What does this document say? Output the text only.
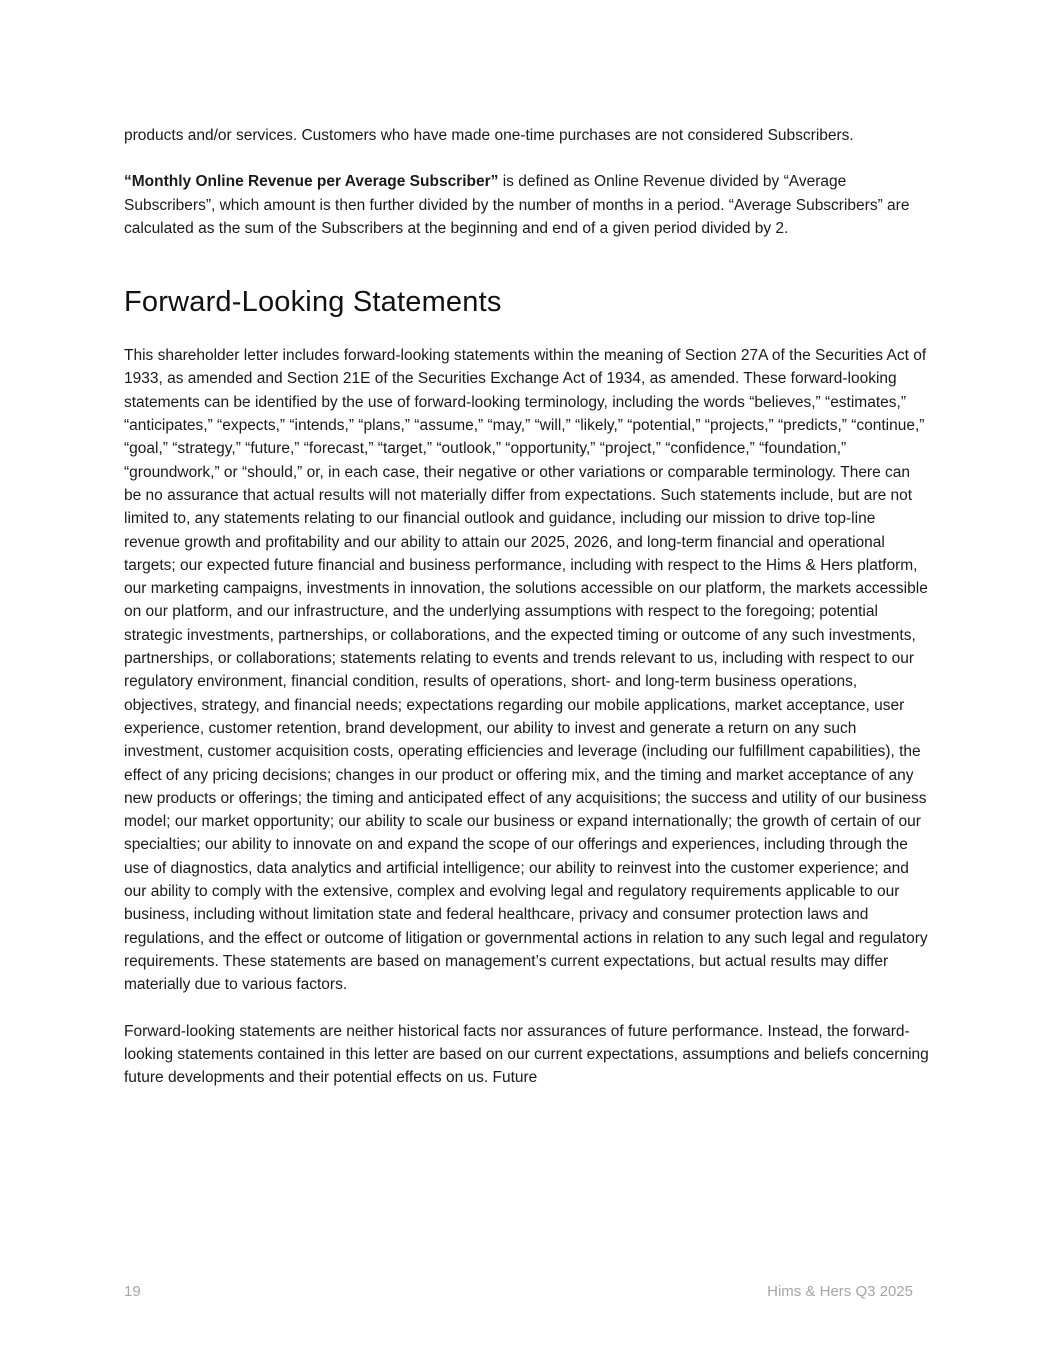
products and/or services. Customers who have made one-time purchases are not considered Subscribers.

“Monthly Online Revenue per Average Subscriber” is defined as Online Revenue divided by “Average Subscribers”, which amount is then further divided by the number of months in a period. “Average Subscribers” are calculated as the sum of the Subscribers at the beginning and end of a given period divided by 2.

Forward-Looking Statements

This shareholder letter includes forward-looking statements within the meaning of Section 27A of the Securities Act of 1933, as amended and Section 21E of the Securities Exchange Act of 1934, as amended. These forward-looking statements can be identified by the use of forward-looking terminology, including the words “believes,” “estimates,” “anticipates,” “expects,” “intends,” “plans,” “assume,” “may,” “will,” “likely,” “potential,” “projects,” “predicts,” “continue,” “goal,” “strategy,” “future,” “forecast,” “target,” “outlook,” “opportunity,” “project,” “confidence,” “foundation,” “groundwork,” or “should,” or, in each case, their negative or other variations or comparable terminology. There can be no assurance that actual results will not materially differ from expectations. Such statements include, but are not limited to, any statements relating to our financial outlook and guidance, including our mission to drive top-line revenue growth and profitability and our ability to attain our 2025, 2026, and long-term financial and operational targets; our expected future financial and business performance, including with respect to the Hims & Hers platform, our marketing campaigns, investments in innovation, the solutions accessible on our platform, the markets accessible on our platform, and our infrastructure, and the underlying assumptions with respect to the foregoing; potential strategic investments, partnerships, or collaborations, and the expected timing or outcome of any such investments, partnerships, or collaborations; statements relating to events and trends relevant to us, including with respect to our regulatory environment, financial condition, results of operations, short- and long-term business operations, objectives, strategy, and financial needs; expectations regarding our mobile applications, market acceptance, user experience, customer retention, brand development, our ability to invest and generate a return on any such investment, customer acquisition costs, operating efficiencies and leverage (including our fulfillment capabilities), the effect of any pricing decisions; changes in our product or offering mix, and the timing and market acceptance of any new products or offerings; the timing and anticipated effect of any acquisitions; the success and utility of our business model; our market opportunity; our ability to scale our business or expand internationally; the growth of certain of our specialties; our ability to innovate on and expand the scope of our offerings and experiences, including through the use of diagnostics, data analytics and artificial intelligence; our ability to reinvest into the customer experience; and our ability to comply with the extensive, complex and evolving legal and regulatory requirements applicable to our business, including without limitation state and federal healthcare, privacy and consumer protection laws and regulations, and the effect or outcome of litigation or governmental actions in relation to any such legal and regulatory requirements. These statements are based on management’s current expectations, but actual results may differ materially due to various factors.

Forward-looking statements are neither historical facts nor assurances of future performance. Instead, the forward-looking statements contained in this letter are based on our current expectations, assumptions and beliefs concerning future developments and their potential effects on us. Future

19	Hims & Hers Q3 2025
